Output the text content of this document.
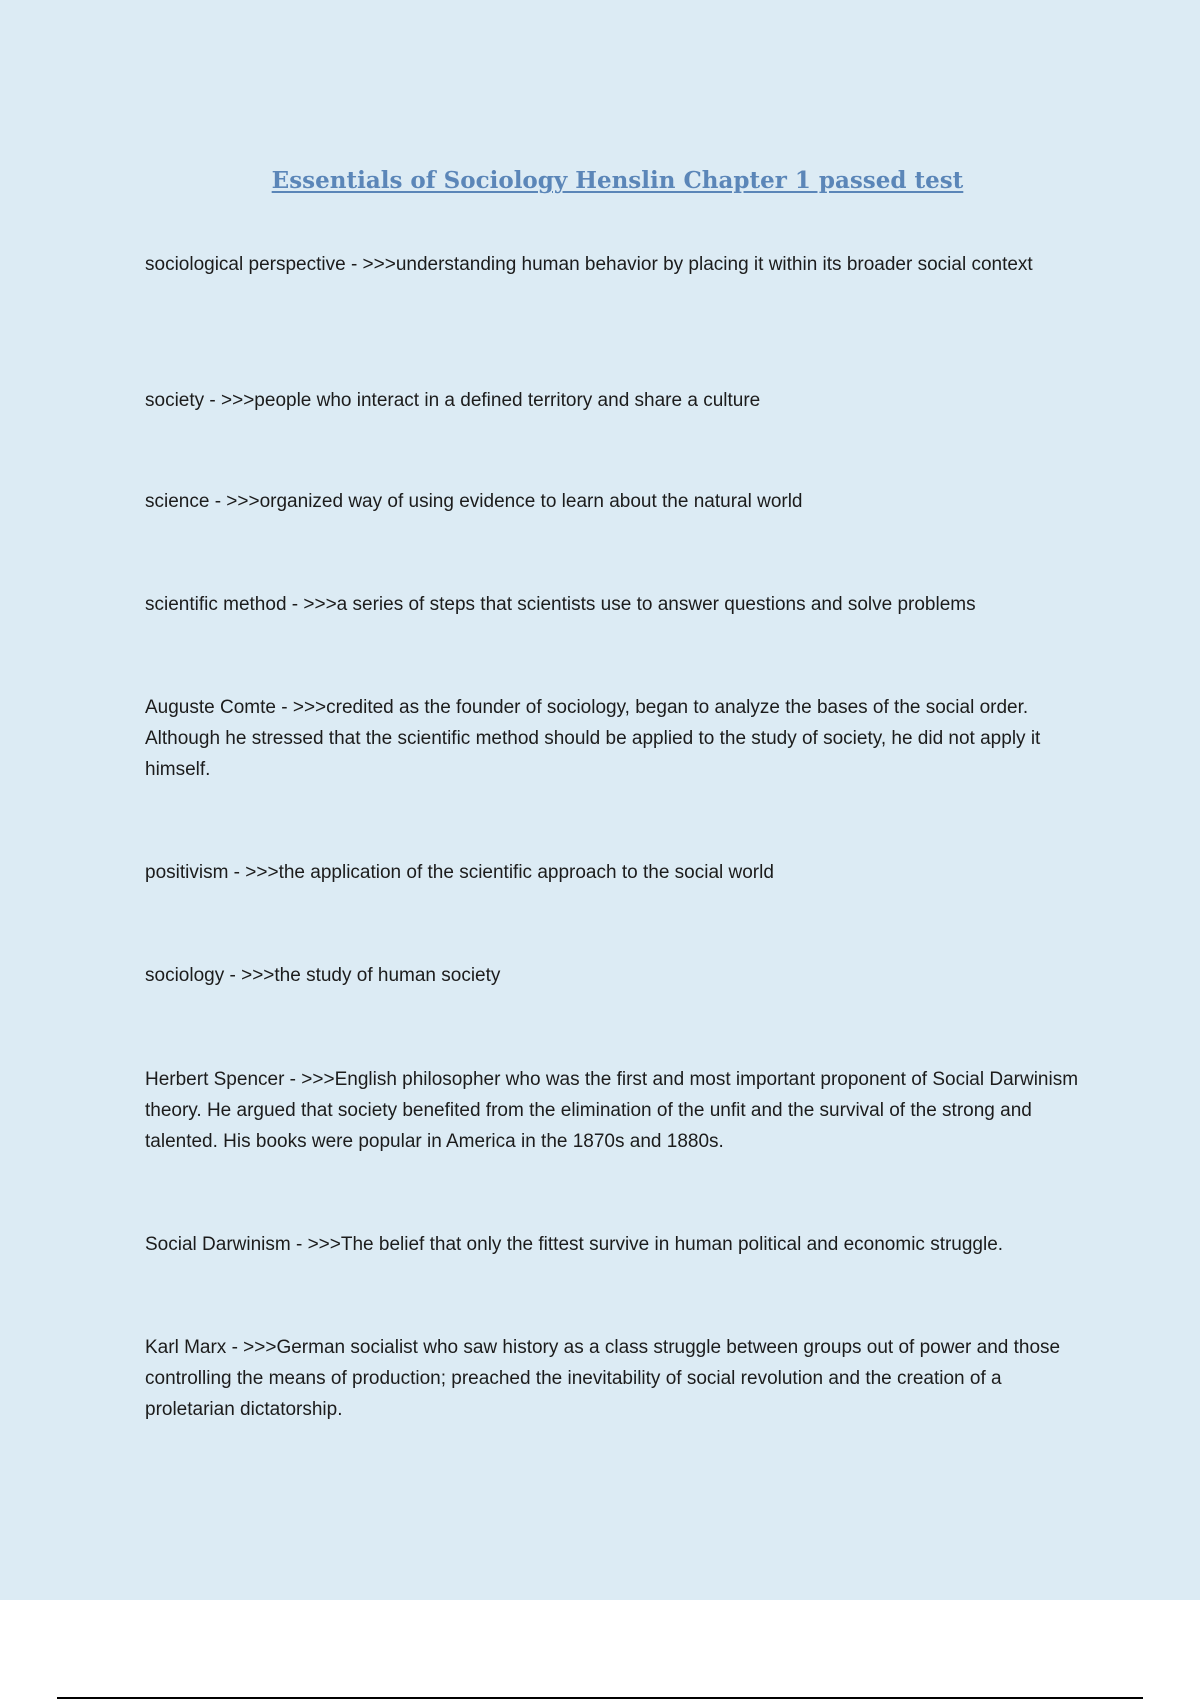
Essentials of Sociology Henslin Chapter 1 passed test

sociological perspective - >>>understanding human behavior by placing it within its broader social context

society - >>>people who interact in a defined territory and share a culture

science - >>>organized way of using evidence to learn about the natural world

scientific method - >>>a series of steps that scientists use to answer questions and solve problems

Auguste Comte - >>>credited as the founder of sociology, began to analyze the bases of the social order. Although he stressed that the scientific method should be applied to the study of society, he did not apply it himself.

positivism - >>>the application of the scientific approach to the social world

sociology - >>>the study of human society

Herbert Spencer - >>>English philosopher who was the first and most important proponent of Social Darwinism theory. He argued that society benefited from the elimination of the unfit and the survival of the strong and talented. His books were popular in America in the 1870s and 1880s.

Social Darwinism - >>>The belief that only the fittest survive in human political and economic struggle.

Karl Marx - >>>German socialist who saw history as a class struggle between groups out of power and those controlling the means of production; preached the inevitability of social revolution and the creation of a proletarian dictatorship.
